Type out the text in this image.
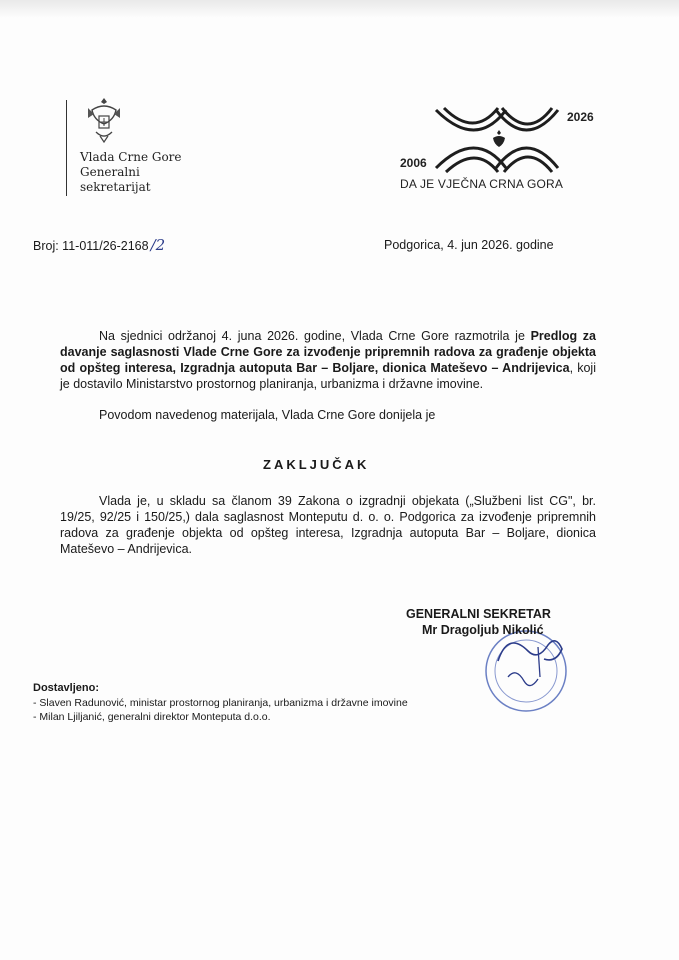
Vlada Crne Gore
Generalni
sekretarijat
2006
2026
DA JE VJEČNA CRNA GORA
Broj: 11-011/26-2168 /2	Podgorica, 4. jun 2026. godine
Na sjednici održanoj 4. juna 2026. godine, Vlada Crne Gore razmotrila je Predlog za davanje saglasnosti Vlade Crne Gore za izvođenje pripremnih radova za građenje objekta od opšteg interesa, Izgradnja autoputa Bar – Boljare, dionica Mateševo – Andrijevica, koji je dostavilo Ministarstvo prostornog planiranja, urbanizma i državne imovine.
Povodom navedenog materijala, Vlada Crne Gore donijela je
ZAKLJUČAK
Vlada je, u skladu sa članom 39 Zakona o izgradnji objekata („Službeni list CG", br. 19/25, 92/25 i 150/25,) dala saglasnost Monteputu d. o. o. Podgorica za izvođenje pripremnih radova za građenje objekta od opšteg interesa, Izgradnja autoputa Bar – Boljare, dionica Mateševo – Andrijevica.
GENERALNI SEKRETAR
Mr Dragoljub Nikolić
Dostavljeno:
- Slaven Radunović, ministar prostornog planiranja, urbanizma i državne imovine
- Milan Ljiljanić, generalni direktor Monteputa d.o.o.
